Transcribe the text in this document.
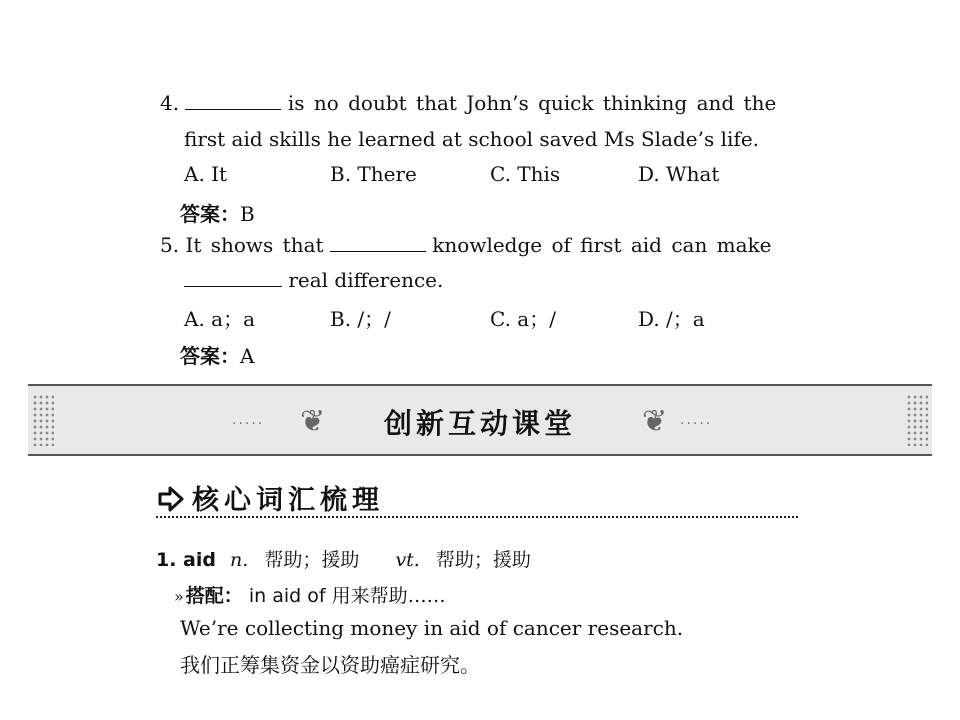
4.	is no doubt that John’s quick thinking and the
first aid skills he learned at school saved Ms Slade’s life.
A. It	B. There	C. This	D. What
答案：B
5. It shows that	knowledge of first aid can make
real difference.
A. a；a	B. /；/	C. a；/	D. /；a
答案：A
····· ❦	❦ ·····
创新互动课堂
核心词汇梳理
1. aid n. 帮助；援助 vt. 帮助；援助
» 搭配： in aid of 用来帮助……
We’re collecting money in aid of cancer research.
我们正筹集资金以资助癌症研究。
